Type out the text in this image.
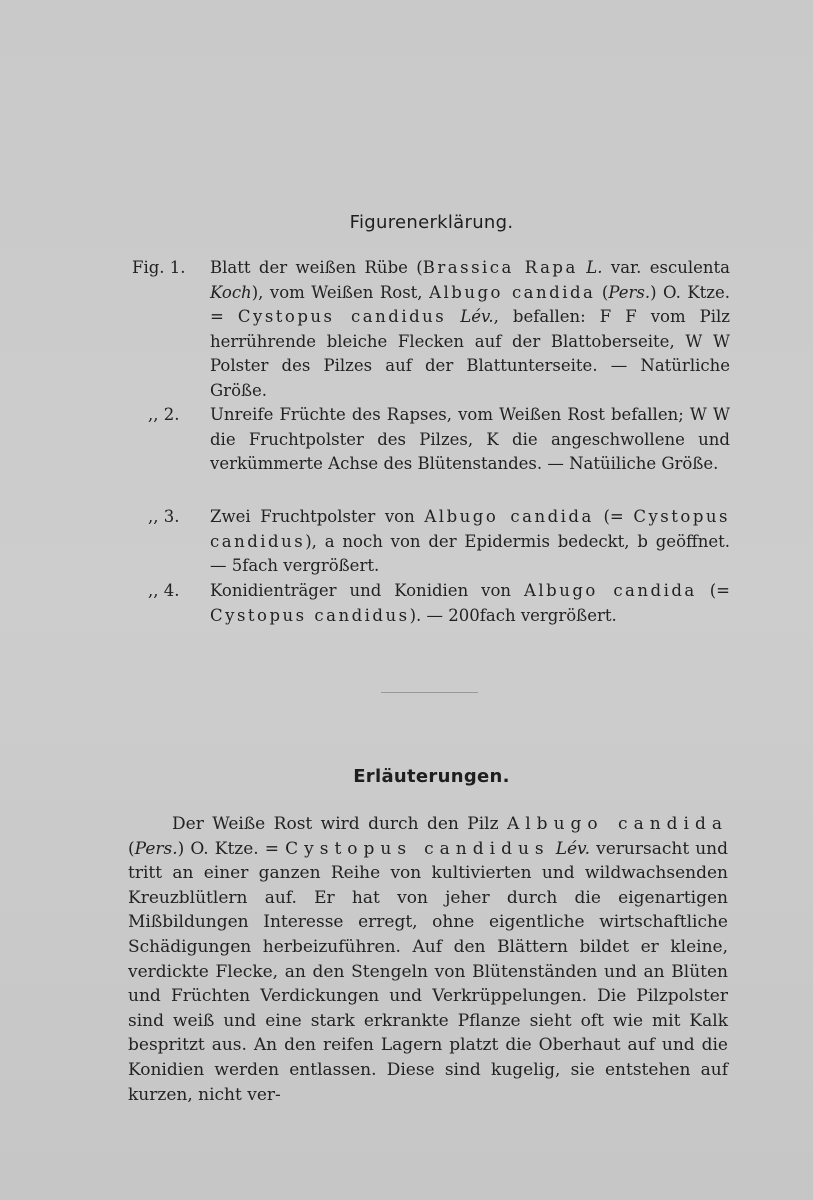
Figurenerklärung.
Fig. 1. Blatt der weißen Rübe (Brassica Rapa L. var. esculenta Koch), vom Weißen Rost, Albugo candida (Pers.) O. Ktze. = Cystopus candidus Lév., befallen: F F vom Pilz herrührende bleiche Flecken auf der Blattoberseite, W W Polster des Pilzes auf der Blattunterseite. — Natürliche Größe.
,, 2. Unreife Früchte des Rapses, vom Weißen Rost befallen; W W die Fruchtpolster des Pilzes, K die angeschwollene und verkümmerte Achse des Blütenstandes. — Natüiliche Größe.
,, 3. Zwei Fruchtpolster von Albugo candida (= Cystopus candidus), a noch von der Epidermis bedeckt, b geöffnet. — 5fach vergrößert.
,, 4. Konidienträger und Konidien von Albugo candida (= Cystopus candidus). — 200fach vergrößert.
Erläuterungen.
Der Weiße Rost wird durch den Pilz Albugo candida (Pers.) O. Ktze. = Cystopus candidus Lév. verursacht und tritt an einer ganzen Reihe von kultivierten und wildwachsenden Kreuzblütlern auf. Er hat von jeher durch die eigenartigen Mißbildungen Interesse erregt, ohne eigentliche wirtschaftliche Schädigungen herbeizuführen. Auf den Blättern bildet er kleine, verdickte Flecke, an den Stengeln von Blütenständen und an Blüten und Früchten Verdickungen und Verkrüppelungen. Die Pilzpolster sind weiß und eine stark erkrankte Pflanze sieht oft wie mit Kalk bespritzt aus. An den reifen Lagern platzt die Oberhaut auf und die Konidien werden entlassen. Diese sind kugelig, sie entstehen auf kurzen, nicht ver-
